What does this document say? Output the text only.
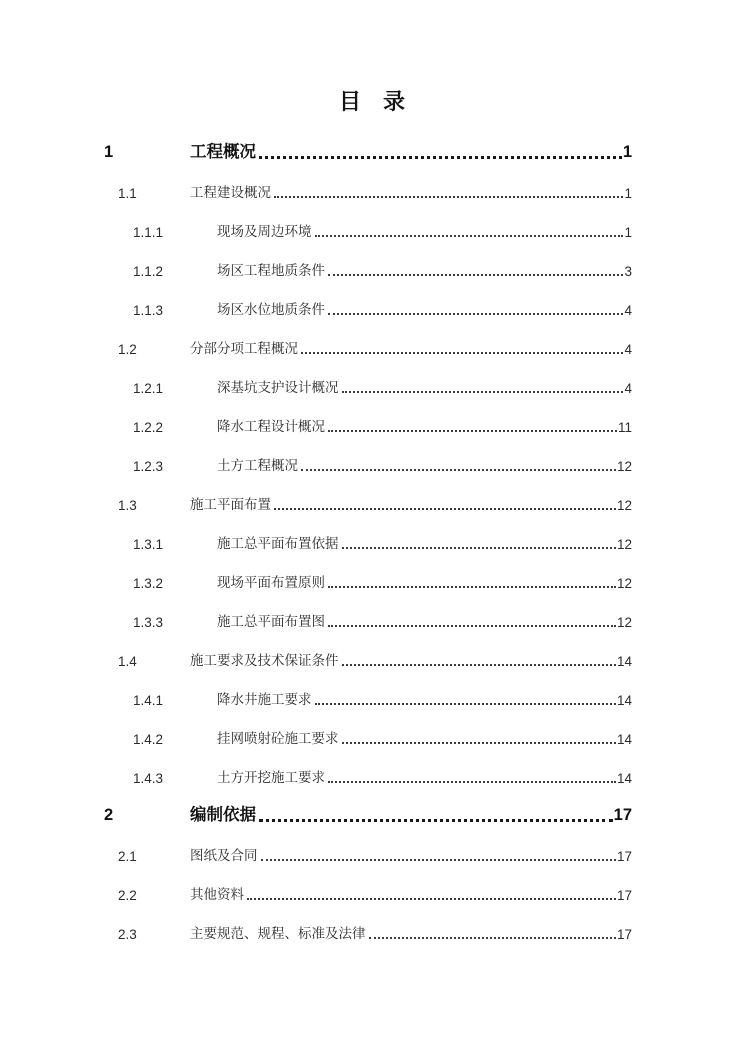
目　录
1	工程概况	1
1.1	工程建设概况	1
1.1.1	现场及周边环境	1
1.1.2	场区工程地质条件	3
1.1.3	场区水位地质条件	4
1.2	分部分项工程概况	4
1.2.1	深基坑支护设计概况	4
1.2.2	降水工程设计概况	11
1.2.3	土方工程概况	12
1.3	施工平面布置	12
1.3.1	施工总平面布置依据	12
1.3.2	现场平面布置原则	12
1.3.3	施工总平面布置图	12
1.4	施工要求及技术保证条件	14
1.4.1	降水井施工要求	14
1.4.2	挂网喷射砼施工要求	14
1.4.3	土方开挖施工要求	14
2	编制依据	17
2.1	图纸及合同	17
2.2	其他资料	17
2.3	主要规范、规程、标准及法律	17
